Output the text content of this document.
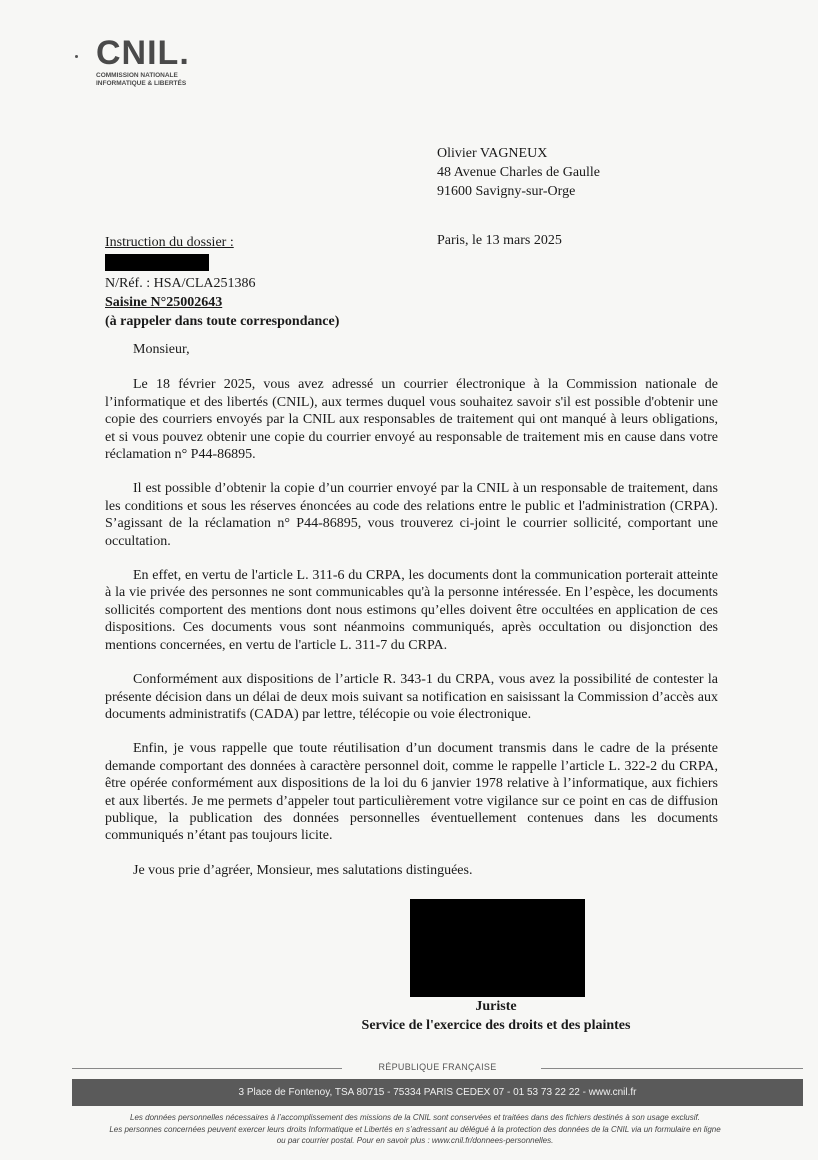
CNIL.
COMMISSION NATIONALE
INFORMATIQUE & LIBERTÉS
Olivier VAGNEUX
48 Avenue Charles de Gaulle
91600 Savigny-sur-Orge
Instruction du dossier :
N/Réf. : HSA/CLA251386
Saisine N°25002643
(à rappeler dans toute correspondance)
Paris, le 13 mars 2025

Monsieur,

Le 18 février 2025, vous avez adressé un courrier électronique à la Commission nationale de l’informatique et des libertés (CNIL), aux termes duquel vous souhaitez savoir s'il est possible d'obtenir une copie des courriers envoyés par la CNIL aux responsables de traitement qui ont manqué à leurs obligations, et si vous pouvez obtenir une copie du courrier envoyé au responsable de traitement mis en cause dans votre réclamation n° P44-86895.

Il est possible d’obtenir la copie d’un courrier envoyé par la CNIL à un responsable de traitement, dans les conditions et sous les réserves énoncées au code des relations entre le public et l'administration (CRPA). S’agissant de la réclamation n° P44-86895, vous trouverez ci-joint le courrier sollicité, comportant une occultation.

En effet, en vertu de l'article L. 311-6 du CRPA, les documents dont la communication porterait atteinte à la vie privée des personnes ne sont communicables qu'à la personne intéressée. En l’espèce, les documents sollicités comportent des mentions dont nous estimons qu’elles doivent être occultées en application de ces dispositions. Ces documents vous sont néanmoins communiqués, après occultation ou disjonction des mentions concernées, en vertu de l'article L. 311-7 du CRPA.

Conformément aux dispositions de l’article R. 343-1 du CRPA, vous avez la possibilité de contester la présente décision dans un délai de deux mois suivant sa notification en saisissant la Commission d’accès aux documents administratifs (CADA) par lettre, télécopie ou voie électronique.

Enfin, je vous rappelle que toute réutilisation d’un document transmis dans le cadre de la présente demande comportant des données à caractère personnel doit, comme le rappelle l’article L. 322-2 du CRPA, être opérée conformément aux dispositions de la loi du 6 janvier 1978 relative à l’informatique, aux fichiers et aux libertés. Je me permets d’appeler tout particulièrement votre vigilance sur ce point en cas de diffusion publique, la publication des données personnelles éventuellement contenues dans les documents communiqués n’étant pas toujours licite.

Je vous prie d’agréer, Monsieur, mes salutations distinguées.

Juriste
Service de l'exercice des droits et des plaintes
RÉPUBLIQUE FRANÇAISE
3 Place de Fontenoy, TSA 80715 - 75334 PARIS CEDEX 07 - 01 53 73 22 22 - www.cnil.fr
Les données personnelles nécessaires à l’accomplissement des missions de la CNIL sont conservées et traitées dans des fichiers destinés à son usage exclusif.
Les personnes concernées peuvent exercer leurs droits Informatique et Libertés en s’adressant au délégué à la protection des données de la CNIL via un formulaire en ligne
ou par courrier postal. Pour en savoir plus : www.cnil.fr/donnees-personnelles.
